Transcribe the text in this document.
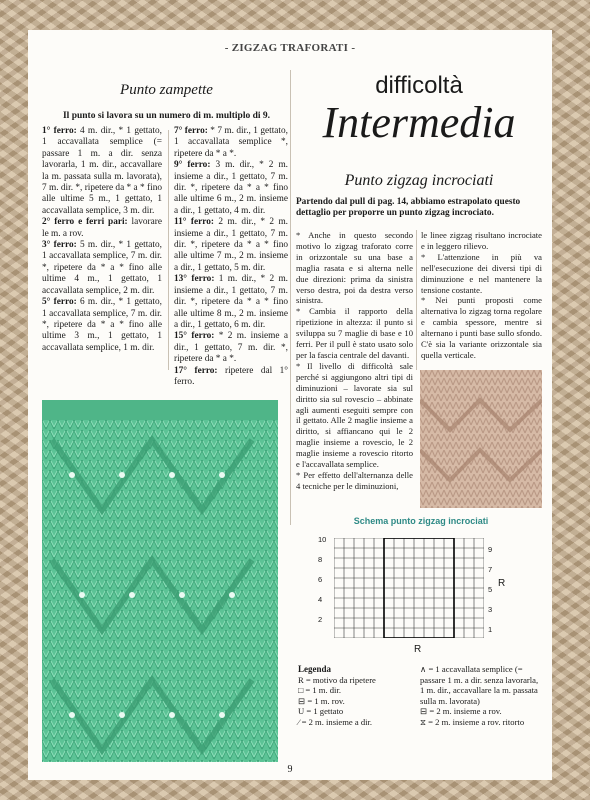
- ZIGZAG TRAFORATI -
Punto zampette
Il punto si lavora su un numero di m. multiplo di 9.

1° ferro: 4 m. dir., * 1 gettato, 1 accavallata semplice (= passare 1 m. a dir. senza lavorarla, 1 m. dir., accavallare la m. passata sulla m. lavorata), 7 m. dir. *, ripetere da * a * fino alle ultime 5 m., 1 gettato, 1 accavallata semplice, 3 m. dir.

2° ferro e ferri pari: lavorare le m. a rov.

3° ferro: 5 m. dir., * 1 gettato, 1 accavallata semplice, 7 m. dir. *, ripetere da * a * fino alle ultime 4 m., 1 gettato, 1 accavallata semplice, 2 m. dir.

5° ferro: 6 m. dir., * 1 gettato, 1 accavallata semplice, 7 m. dir. *, ripetere da * a * fino alle ultime 3 m., 1 gettato, 1 accavallata semplice, 1 m. dir.

7° ferro: * 7 m. dir., 1 gettato, 1 accavallata semplice *, ripetere da * a *.

9° ferro: 3 m. dir., * 2 m. insieme a dir., 1 gettato, 7 m. dir. *, ripetere da * a * fino alle ultime 6 m., 2 m. insieme a dir., 1 gettato, 4 m. dir.

11° ferro: 2 m. dir., * 2 m. insieme a dir., 1 gettato, 7 m. dir. *, ripetere da * a * fino alle ultime 7 m., 2 m. insieme a dir., 1 gettato, 5 m. dir.

13° ferro: 1 m. dir., * 2 m. insieme a dir., 1 gettato, 7 m. dir. *, ripetere da * a * fino alle ultime 8 m., 2 m. insieme a dir., 1 gettato, 6 m. dir.

15° ferro: * 2 m. insieme a dir., 1 gettato, 7 m. dir. *, ripetere da * a *.

17° ferro: ripetere dal 1° ferro.

difficoltà
Intermedia
Punto zigzag incrociati
Partendo dal pull di pag. 14, abbiamo estrapolato questo dettaglio per proporre un punto zigzag incrociato.

* Anche in questo secondo motivo lo zigzag traforato corre in orizzontale su una base a maglia rasata e si alterna nelle due direzioni: prima da sinistra verso destra, poi da destra verso sinistra.

* Cambia il rapporto della ripetizione in altezza: il punto si sviluppa su 7 maglie di base e 10 ferri. Per il pull è stato usato solo per la fascia centrale del davanti.

* Il livello di difficoltà sale perché si aggiungono altri tipi di diminuzioni – lavorate sia sul diritto sia sul rovescio – abbinate agli aumenti eseguiti sempre con il gettato. Alle 2 maglie insieme a diritto, si affiancano qui le 2 maglie insieme a rovescio, le 2 maglie insieme a rovescio ritorto e l'accavallata semplice.

* Per effetto dell'alternanza delle 4 tecniche per le diminuzioni,

le linee zigzag risultano incrociate e in leggero rilievo.

* L'attenzione in più va nell'esecuzione dei diversi tipi di diminuzione e nel mantenere la tensione costante.

* Nei punti proposti come alternativa lo zigzag torna regolare e cambia spessore, mentre si alternano i punti base sullo sfondo. C'è sia la variante orizzontale sia quella verticale.

Schema punto zigzag incrociati
10
8
6
4
2
9
7
5
3
1
R
R

Legenda

R = motivo da ripetere

□ = 1 m. dir.

⊟ = 1 m. rov.

U = 1 gettato

⁄ = 2 m. insieme a dir.

∧ = 1 accavallata semplice (= passare 1 m. a dir. senza lavorarla, 1 m. dir., accavallare la m. passata sulla m. lavorata)

⊟ = 2 m. insieme a rov.

⧖ = 2 m. insieme a rov. ritorto

9
